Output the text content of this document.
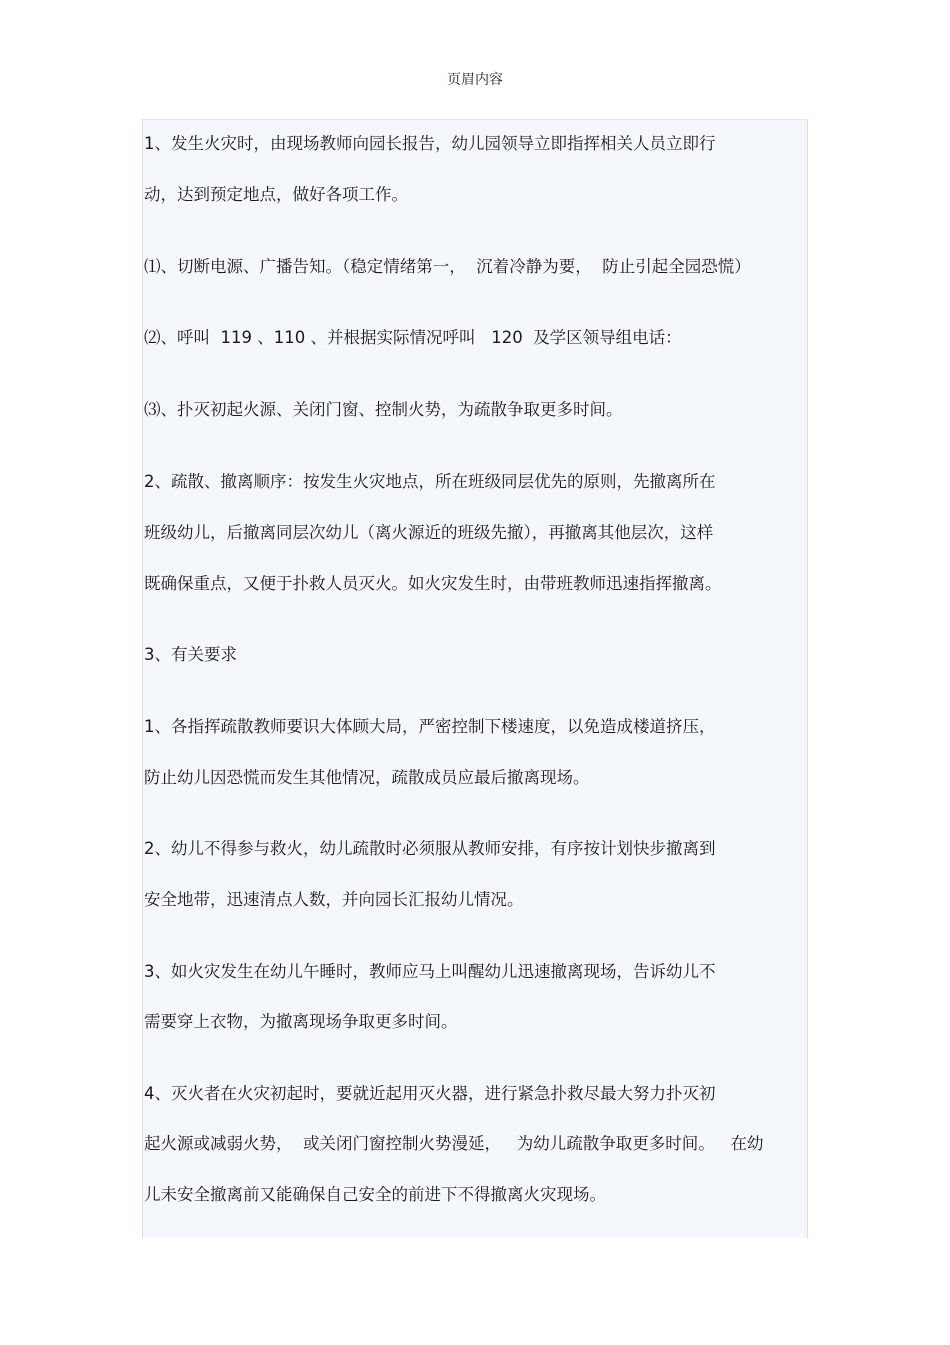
页眉内容
1、发生火灾时，由现场教师向园长报告，幼儿园领导立即指挥相关人员立即行
动，达到预定地点，做好各项工作。
⑴、切断电源、广播告知。（稳定情绪第一，  沉着冷静为要，  防止引起全园恐慌）
⑵、呼叫  119 、110 、并根据实际情况呼叫   120  及学区领导组电话：
⑶、扑灭初起火源、关闭门窗、控制火势，为疏散争取更多时间。
2、疏散、撤离顺序：按发生火灾地点，所在班级同层优先的原则，先撤离所在
班级幼儿，后撤离同层次幼儿（离火源近的班级先撤），再撤离其他层次，这样
既确保重点，又便于扑救人员灭火。如火灾发生时，由带班教师迅速指挥撤离。
3、有关要求
1、各指挥疏散教师要识大体顾大局，严密控制下楼速度，以免造成楼道挤压，
防止幼儿因恐慌而发生其他情况，疏散成员应最后撤离现场。
2、幼儿不得参与救火，幼儿疏散时必须服从教师安排，有序按计划快步撤离到
安全地带，迅速清点人数，并向园长汇报幼儿情况。
3、如火灾发生在幼儿午睡时，教师应马上叫醒幼儿迅速撤离现场，告诉幼儿不
需要穿上衣物，为撤离现场争取更多时间。
4、灭火者在火灾初起时，要就近起用灭火器，进行紧急扑救尽最大努力扑灭初
起火源或减弱火势，  或关闭门窗控制火势漫延，   为幼儿疏散争取更多时间。   在幼
儿未安全撤离前又能确保自己安全的前进下不得撤离火灾现场。
